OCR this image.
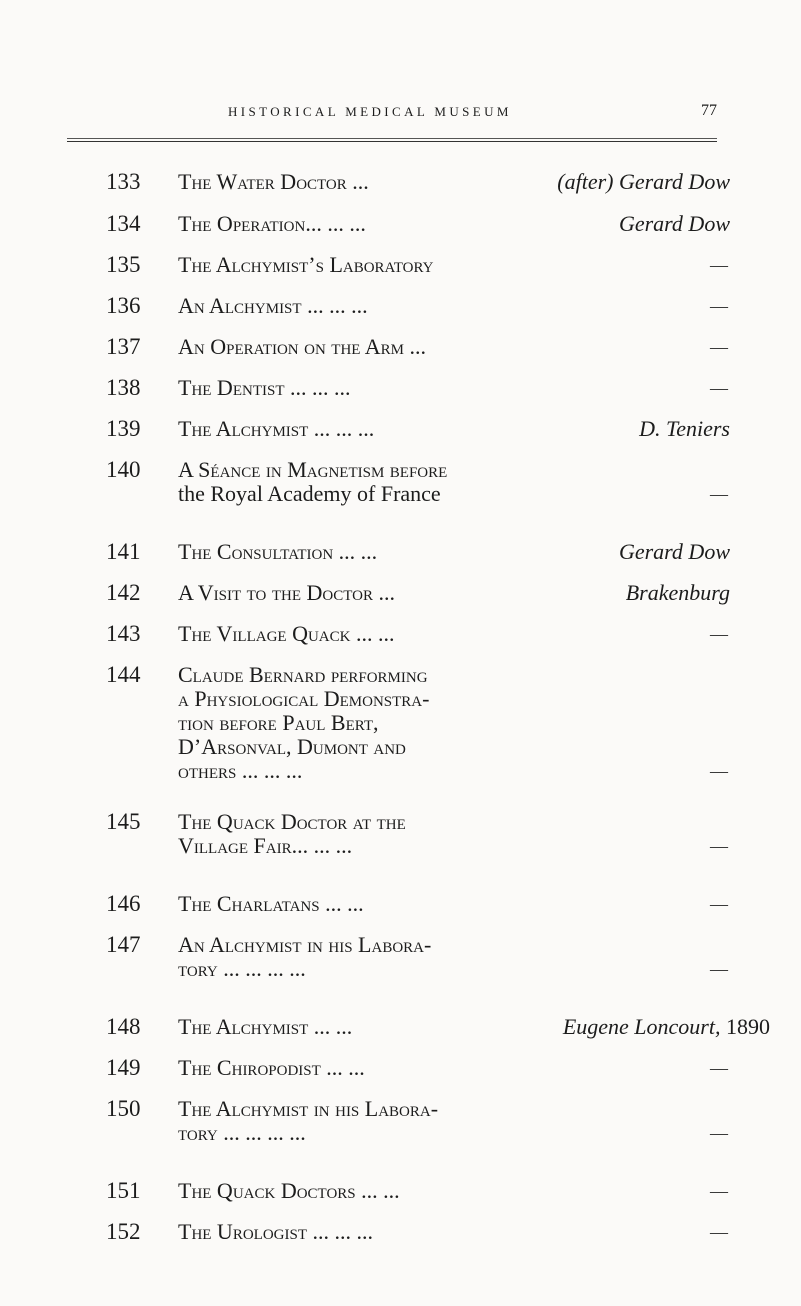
HISTORICAL MEDICAL MUSEUM	77
133 The Water Doctor ...	(after) Gerard Dow
134 The Operation... ... ...	Gerard Dow
135 The Alchymist’s Laboratory	—
136 An Alchymist ... ... ...	—
137 An Operation on the Arm ...	—
138 The Dentist ... ... ...	—
139 The Alchymist ... ... ...	D. Teniers
140 A Séance in Magnetism before
the Royal Academy of France	—
141 The Consultation ... ...	Gerard Dow
142 A Visit to the Doctor ...	Brakenburg
143 The Village Quack ... ...	—
144 Claude Bernard performing
a Physiological Demonstra-
tion before Paul Bert,
D’Arsonval, Dumont and
others ... ... ...	—
145 The Quack Doctor at the
Village Fair... ... ...	—
146 The Charlatans ... ...	—
147 An Alchymist in his Labora-
tory ... ... ... ...	—
148 The Alchymist ... ...	Eugene Loncourt, 1890
149 The Chiropodist ... ...	—
150 The Alchymist in his Labora-
tory ... ... ... ...	—
151 The Quack Doctors ... ...	—
152 The Urologist ... ... ...	—
